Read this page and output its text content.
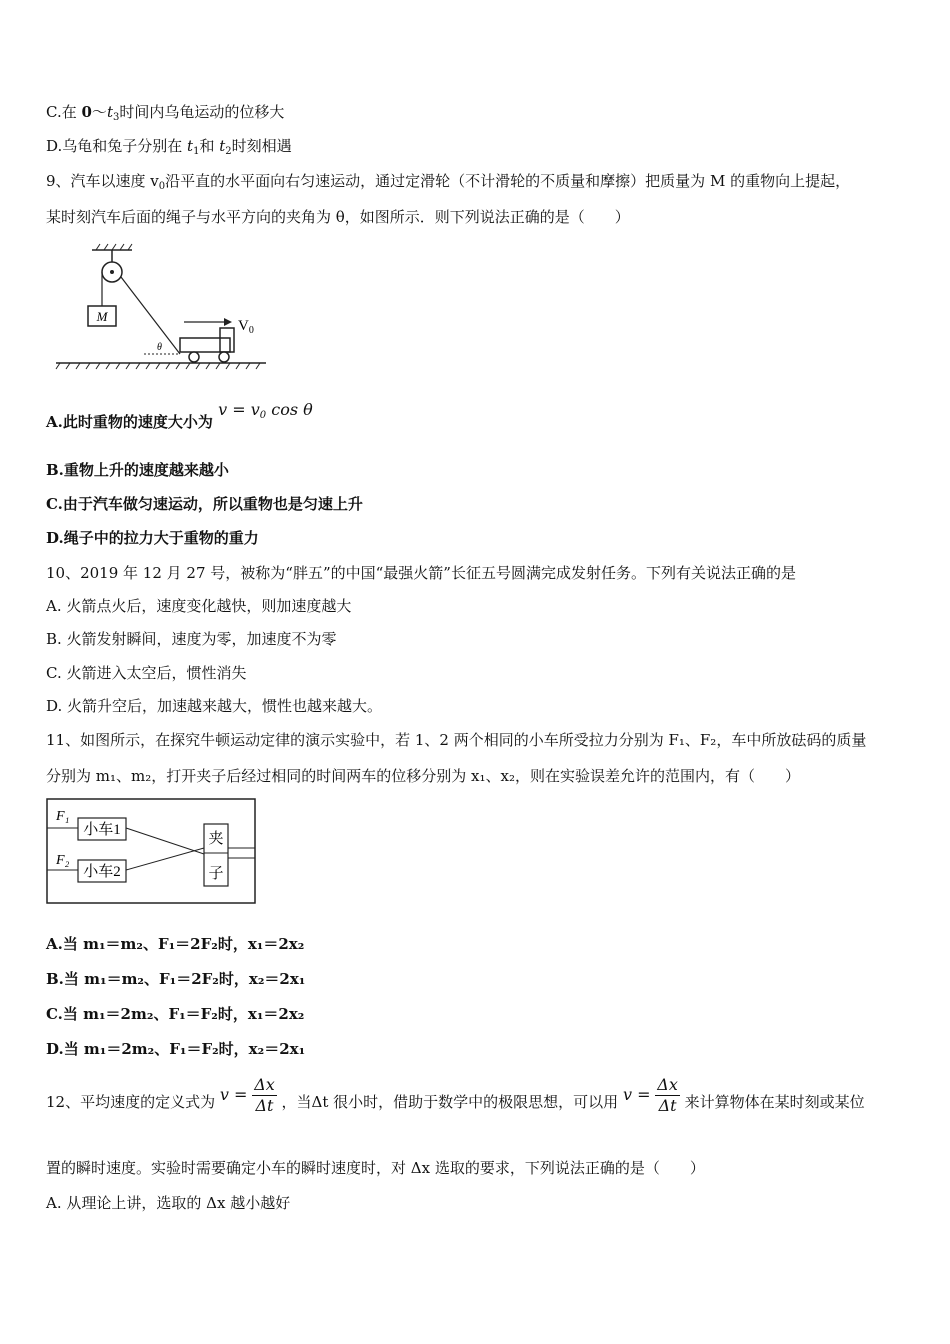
C.在 $0\sim t_3$时间内乌龟运动的位移大
D.乌龟和兔子分别在 $t_1$和 $t_2$时刻相遇
9、汽车以速度 $v_0$沿平直的水平面向右匀速运动，通过定滑轮（不计滑轮的不质量和摩擦）把质量为 M 的重物向上提起，
某时刻汽车后面的绳子与水平方向的夹角为 θ，如图所示．则下列说法正确的是（　　）
M
θ
$V_0$
A.此时重物的速度大小为 $v = v_0$ cos θ
B.重物上升的速度越来越小
C.由于汽车做匀速运动，所以重物也是匀速上升
D.绳子中的拉力大于重物的重力
10、2019 年 12 月 27 号，被称为“胖五”的中国“最强火箭”长征五号圆满完成发射任务。下列有关说法正确的是
A. 火箭点火后，速度变化越快，则加速度越大
B. 火箭发射瞬间，速度为零，加速度不为零
C. 火箭进入太空后，惯性消失
D. 火箭升空后，加速越来越大，惯性也越来越大。
11、如图所示，在探究牛顿运动定律的演示实验中，若 1、2 两个相同的小车所受拉力分别为 F₁、F₂，车中所放砝码的质量
分别为 m₁、m₂，打开夹子后经过相同的时间两车的位移分别为 x₁、x₂，则在实验误差允许的范围内，有（　　）
F₁
F₂
小车1
小车2
夹
子
A.当 m₁＝m₂、F₁＝2F₂时，x₁＝2x₂
B.当 m₁＝m₂、F₁＝2F₂时，x₂＝2x₁
C.当 m₁＝2m₂、F₁＝F₂时，x₁＝2x₂
D.当 m₁＝2m₂、F₁＝F₂时，x₂＝2x₁
12、平均速度的定义式为 $v = \frac{\Delta x}{\Delta t}$ ，当Δt 很小时，借助于数学中的极限思想，可以用 $v = \frac{\Delta x}{\Delta t}$ 来计算物体在某时刻或某位
置的瞬时速度。实验时需要确定小车的瞬时速度时，对 Δx 选取的要求，下列说法正确的是（　　）
A. 从理论上讲，选取的 Δx 越小越好
